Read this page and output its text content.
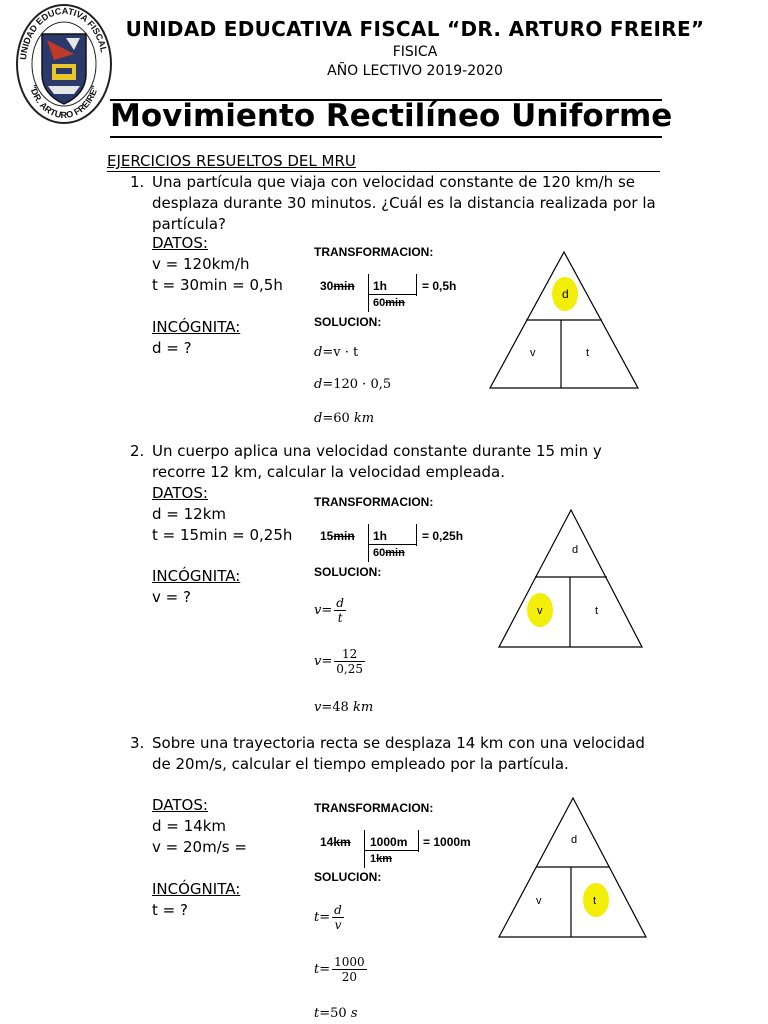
UNIDAD EDUCATIVA FISCAL
"DR. ARTURO FREIRE"
UNIDAD EDUCATIVA FISCAL “DR. ARTURO FREIRE”
FISICA
AÑO LECTIVO 2019-2020
Movimiento Rectilíneo Uniforme
EJERCICIOS RESUELTOS DEL MRU
1. Una partícula que viaja con velocidad constante de 120 km/h se
desplaza durante 30 minutos. ¿Cuál es la distancia realizada por la
partícula?
DATOS:
v = 120km/h
t = 30min = 0,5h
INCÓGNITA:
d = ?
TRANSFORMACION:
30min 1h
60min
= 0,5h
SOLUCION:
d=v · t
d=120 · 0,5
d=60 km
d
v	t
2. Un cuerpo aplica una velocidad constante durante 15 min y
recorre 12 km, calcular la velocidad empleada.
DATOS:
d = 12km
t = 15min = 0,25h
INCÓGNITA:
v = ?
TRANSFORMACION:
15min 1h
60min
= 0,25h
SOLUCION:
$v= \frac{d}{t}$
$v= \frac{12}{0,25}$
v=48 km
d
v	t
3. Sobre una trayectoria recta se desplaza 14 km con una velocidad
de 20m/s, calcular el tiempo empleado por la partícula.
DATOS:
d = 14km
v = 20m/s =
INCÓGNITA:
t = ?
TRANSFORMACION:
14km 1000m
1km
= 1000m
SOLUCION:
$t= \frac{d}{v}$
$t= \frac{1000}{20}$
t=50 s
d
v	t
